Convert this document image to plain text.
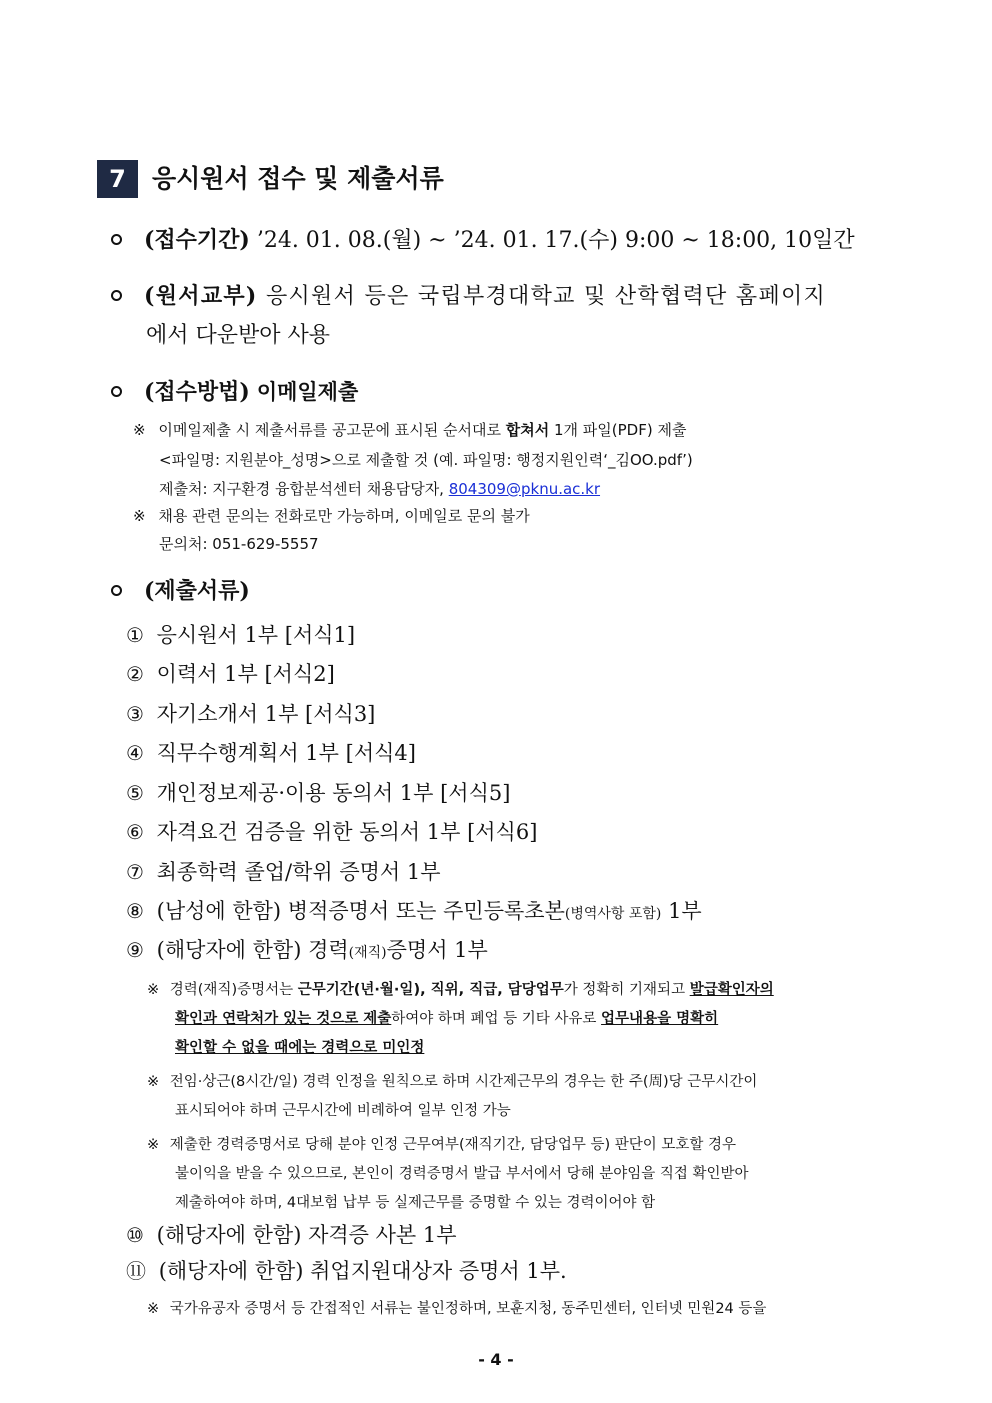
7	응시원서 접수 및 제출서류
(접수기간) ’24. 01. 08.(월) ~ ’24. 01. 17.(수) 9:00 ~ 18:00, 10일간
(원서교부) 응시원서 등은 국립부경대학교 및 산학협력단 홈페이지
에서 다운받아 사용
(접수방법) 이메일제출
※ 이메일제출 시 제출서류를 공고문에 표시된 순서대로 합쳐서 1개 파일(PDF) 제출
<파일명: 지원분야_성명>으로 제출할 것 (예. 파일명: 행정지원인력‘_김OO.pdf’)
제출처: 지구환경 융합분석센터 채용담당자, 804309@pknu.ac.kr
※ 채용 관련 문의는 전화로만 가능하며, 이메일로 문의 불가
문의처: 051-629-5557
(제출서류)
① 응시원서 1부 [서식1]
② 이력서 1부 [서식2]
③ 자기소개서 1부 [서식3]
④ 직무수행계획서 1부 [서식4]
⑤ 개인정보제공·이용 동의서 1부 [서식5]
⑥ 자격요건 검증을 위한 동의서 1부 [서식6]
⑦ 최종학력 졸업/학위 증명서 1부
⑧ (남성에 한함) 병적증명서 또는 주민등록초본(병역사항 포함) 1부
⑨ (해당자에 한함) 경력(재직)증명서 1부
※ 경력(재직)증명서는 근무기간(년·월·일), 직위, 직급, 담당업무가 정확히 기재되고 발급확인자의
확인과 연락처가 있는 것으로 제출하여야 하며 폐업 등 기타 사유로 업무내용을 명확히
확인할 수 없을 때에는 경력으로 미인정
※ 전임·상근(8시간/일) 경력 인정을 원칙으로 하며 시간제근무의 경우는 한 주(周)당 근무시간이
표시되어야 하며 근무시간에 비례하여 일부 인정 가능
※ 제출한 경력증명서로 당해 분야 인정 근무여부(재직기간, 담당업무 등) 판단이 모호할 경우
불이익을 받을 수 있으므로, 본인이 경력증명서 발급 부서에서 당해 분야임을 직접 확인받아
제출하여야 하며, 4대보험 납부 등 실제근무를 증명할 수 있는 경력이어야 함
⑩ (해당자에 한함) 자격증 사본 1부
⑪ (해당자에 한함) 취업지원대상자 증명서 1부.
※ 국가유공자 증명서 등 간접적인 서류는 불인정하며, 보훈지청, 동주민센터, 인터넷 민원24 등을
- 4 -
